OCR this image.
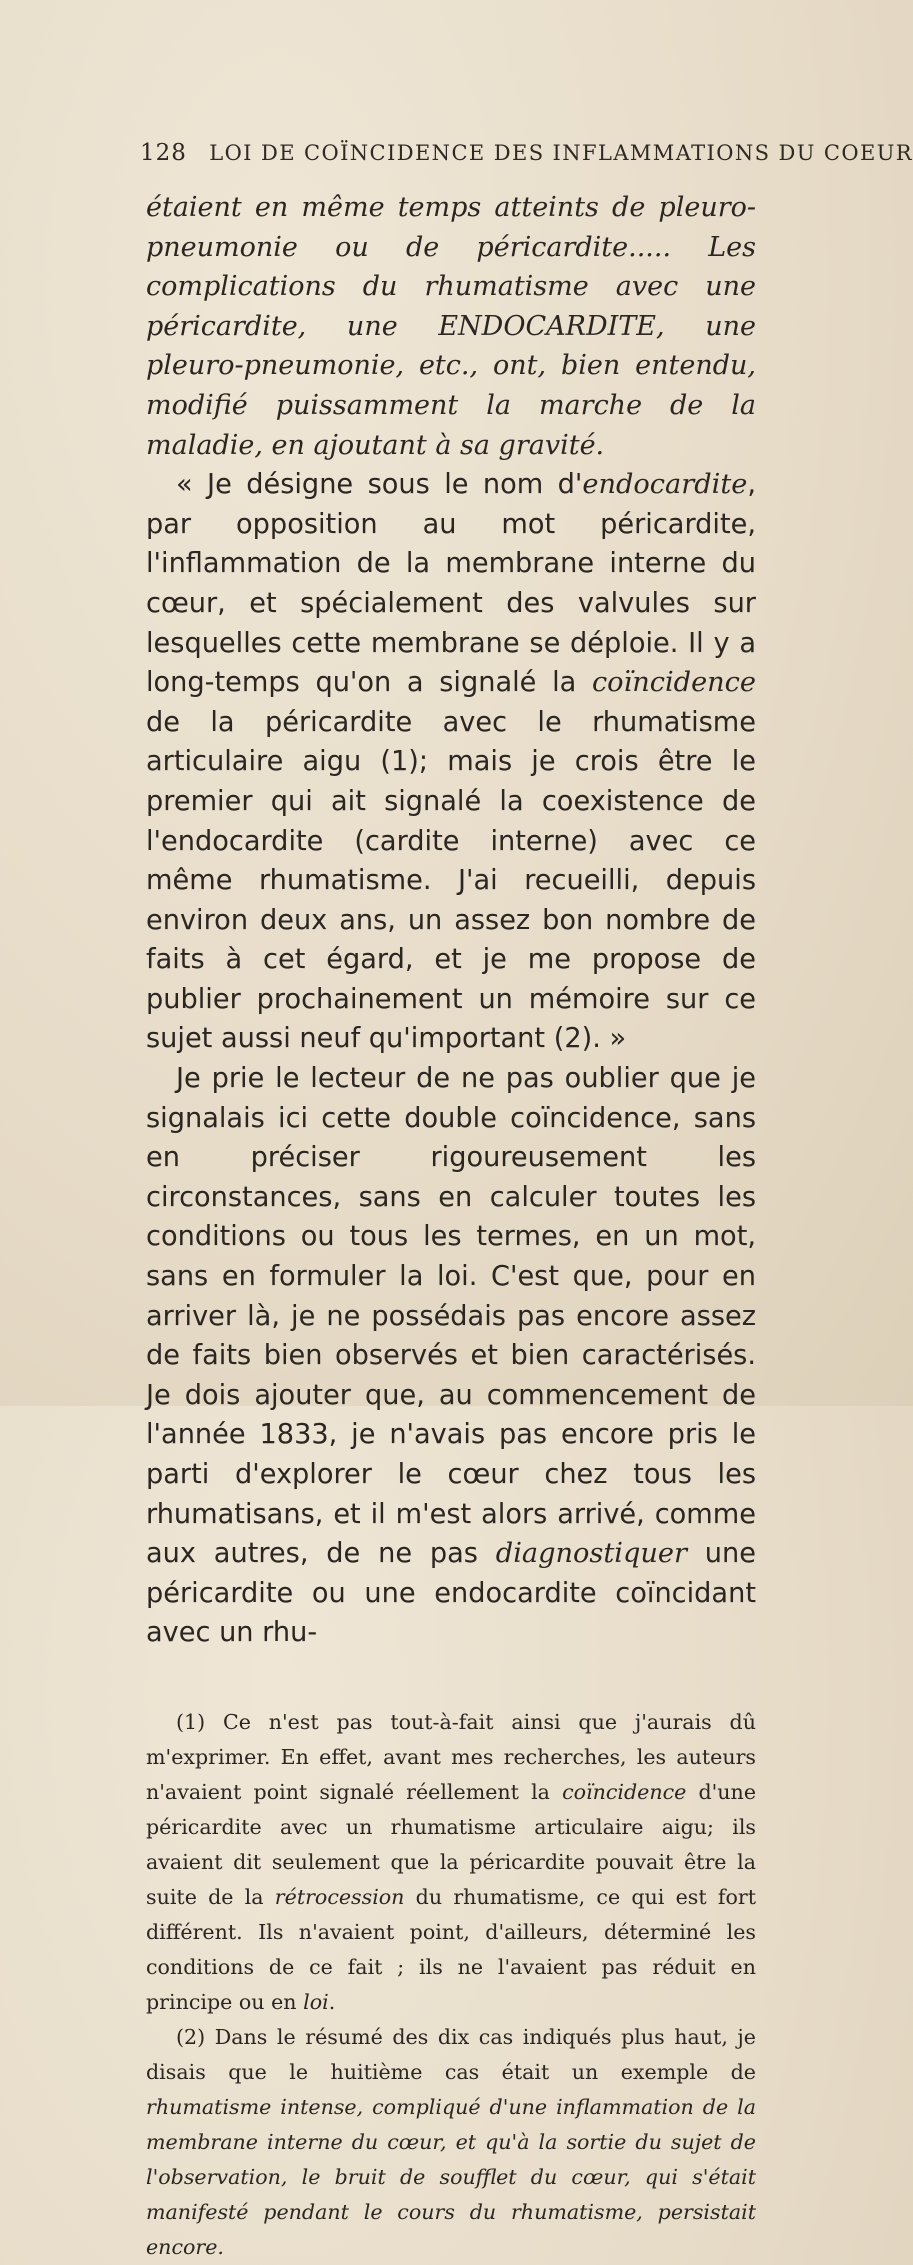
128 LOI DE COÏNCIDENCE DES INFLAMMATIONS DU COEUR

étaient en même temps atteints de pleuro-pneumonie ou de péricardite..... Les complications du rhumatisme avec une péricardite, une ENDOCARDITE, une pleuro-pneumonie, etc., ont, bien entendu, modifié puissamment la marche de la maladie, en ajoutant à sa gravité.

« Je désigne sous le nom d'endocardite, par opposition au mot péricardite, l'inflammation de la membrane interne du cœur, et spécialement des valvules sur lesquelles cette membrane se déploie. Il y a long-temps qu'on a signalé la coïncidence de la péricardite avec le rhumatisme articulaire aigu (1); mais je crois être le premier qui ait signalé la coexistence de l'endocardite (cardite interne) avec ce même rhumatisme. J'ai recueilli, depuis environ deux ans, un assez bon nombre de faits à cet égard, et je me propose de publier prochainement un mémoire sur ce sujet aussi neuf qu'important (2). »

Je prie le lecteur de ne pas oublier que je signalais ici cette double coïncidence, sans en préciser rigoureusement les circonstances, sans en calculer toutes les conditions ou tous les termes, en un mot, sans en formuler la loi. C'est que, pour en arriver là, je ne possédais pas encore assez de faits bien observés et bien caractérisés. Je dois ajouter que, au commencement de l'année 1833, je n'avais pas encore pris le parti d'explorer le cœur chez tous les rhumatisans, et il m'est alors arrivé, comme aux autres, de ne pas diagnostiquer une péricardite ou une endocardite coïncidant avec un rhu-

(1) Ce n'est pas tout-à-fait ainsi que j'aurais dû m'exprimer. En effet, avant mes recherches, les auteurs n'avaient point signalé réellement la coïncidence d'une péricardite avec un rhumatisme articulaire aigu; ils avaient dit seulement que la péricardite pouvait être la suite de la rétrocession du rhumatisme, ce qui est fort différent. Ils n'avaient point, d'ailleurs, déterminé les conditions de ce fait ; ils ne l'avaient pas réduit en principe ou en loi.

(2) Dans le résumé des dix cas indiqués plus haut, je disais que le huitième cas était un exemple de rhumatisme intense, compliqué d'une inflammation de la membrane interne du cœur, et qu'à la sortie du sujet de l'observation, le bruit de soufflet du cœur, qui s'était manifesté pendant le cours du rhumatisme, persistait encore.
